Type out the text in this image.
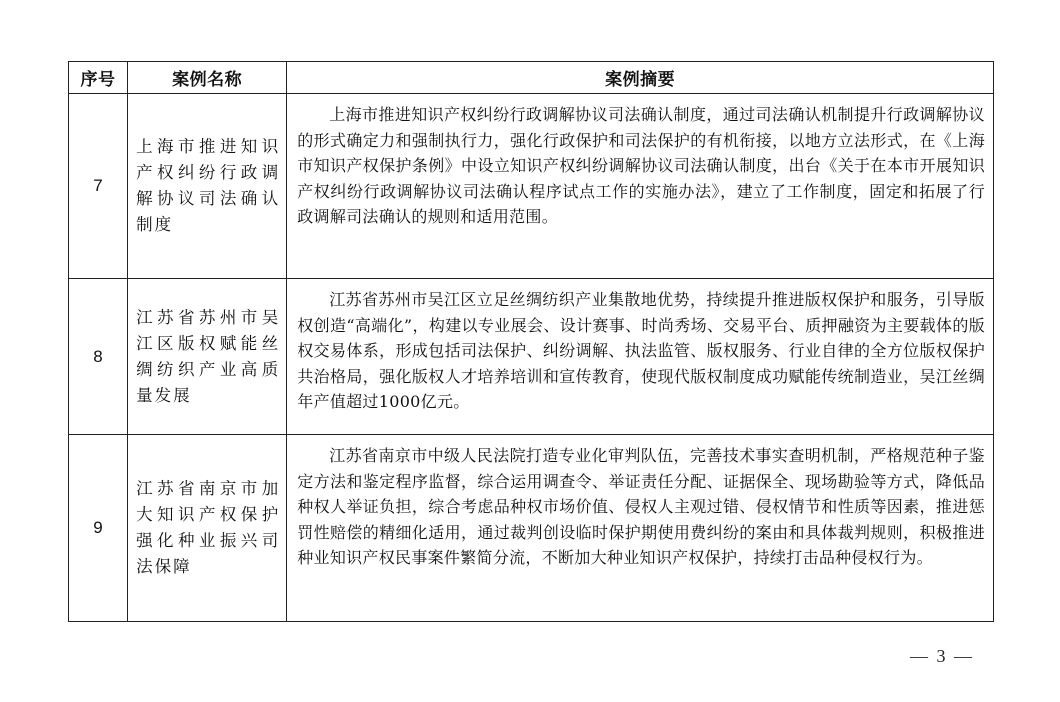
序号	案例名称	案例摘要
7	上海市推进知识产权纠纷行政调解协议司法确认制度	上海市推进知识产权纠纷行政调解协议司法确认制度，通过司法确认机制提升行政调解协议的形式确定力和强制执行力，强化行政保护和司法保护的有机衔接，以地方立法形式，在《上海市知识产权保护条例》中设立知识产权纠纷调解协议司法确认制度，出台《关于在本市开展知识产权纠纷行政调解协议司法确认程序试点工作的实施办法》，建立了工作制度，固定和拓展了行政调解司法确认的规则和适用范围。

8	江苏省苏州市吴江区版权赋能丝绸纺织产业高质量发展	江苏省苏州市吴江区立足丝绸纺织产业集散地优势，持续提升推进版权保护和服务，引导版权创造“高端化”，构建以专业展会、设计赛事、时尚秀场、交易平台、质押融资为主要载体的版权交易体系，形成包括司法保护、纠纷调解、执法监管、版权服务、行业自律的全方位版权保护共治格局，强化版权人才培养培训和宣传教育，使现代版权制度成功赋能传统制造业，吴江丝绸年产值超过1000亿元。

9	江苏省南京市加大知识产权保护强化种业振兴司法保障	江苏省南京市中级人民法院打造专业化审判队伍，完善技术事实查明机制，严格规范种子鉴定方法和鉴定程序监督，综合运用调查令、举证责任分配、证据保全、现场勘验等方式，降低品种权人举证负担，综合考虑品种权市场价值、侵权人主观过错、侵权情节和性质等因素，推进惩罚性赔偿的精细化适用，通过裁判创设临时保护期使用费纠纷的案由和具体裁判规则，积极推进种业知识产权民事案件繁简分流，不断加大种业知识产权保护，持续打击品种侵权行为。
— 3 —
